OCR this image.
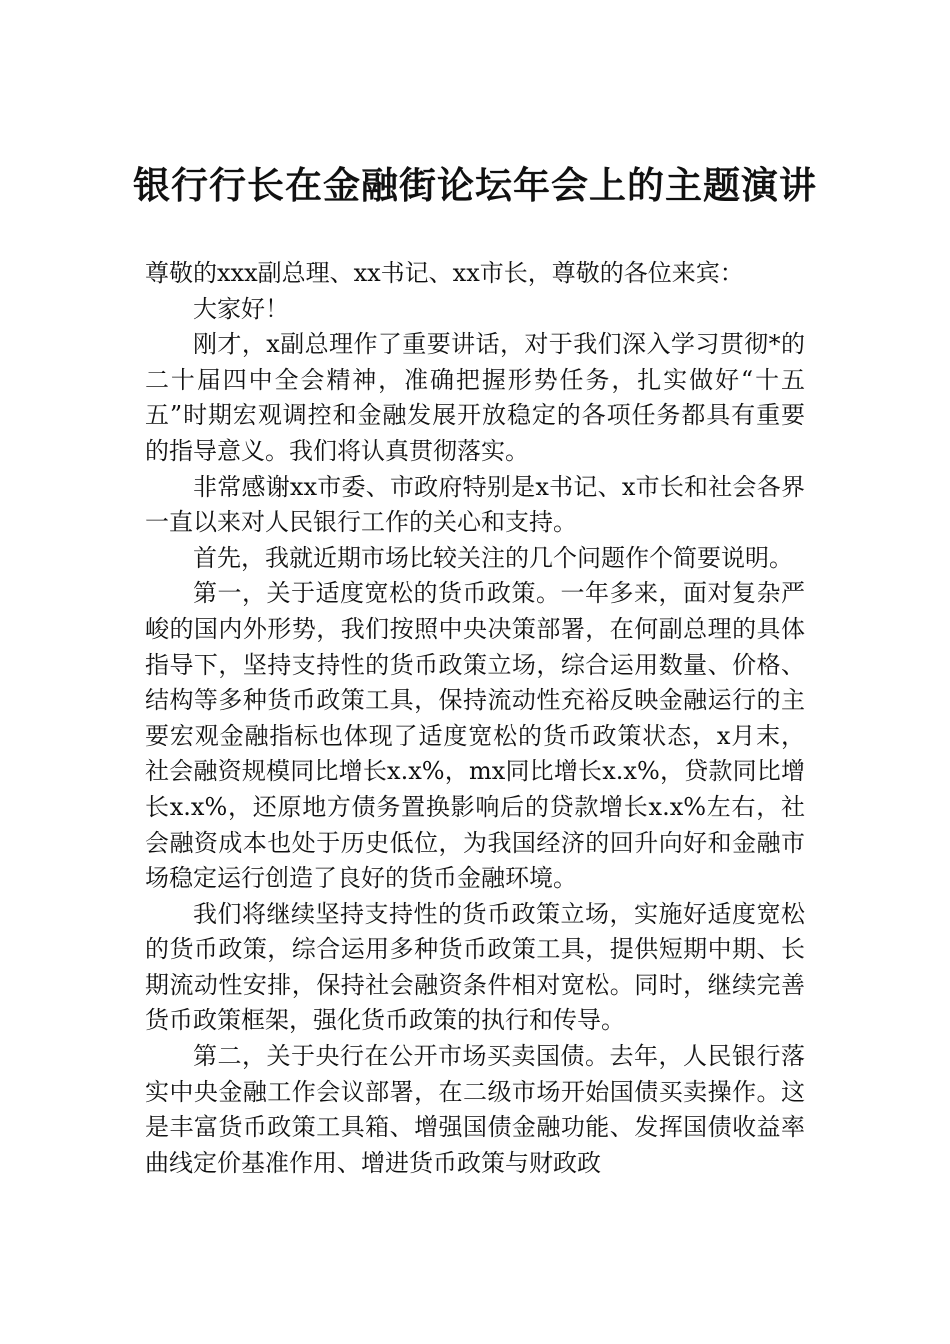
银行行长在金融街论坛年会上的主题演讲

尊敬的xxx副总理、xx书记、xx市长，尊敬的各位来宾：

大家好！

刚才，x副总理作了重要讲话，对于我们深入学习贯彻*的二十届四中全会精神，准确把握形势任务，扎实做好“十五五”时期宏观调控和金融发展开放稳定的各项任务都具有重要的指导意义。我们将认真贯彻落实。

非常感谢xx市委、市政府特别是x书记、x市长和社会各界一直以来对人民银行工作的关心和支持。

首先，我就近期市场比较关注的几个问题作个简要说明。

第一，关于适度宽松的货币政策。一年多来，面对复杂严峻的国内外形势，我们按照中央决策部署，在何副总理的具体指导下，坚持支持性的货币政策立场，综合运用数量、价格、结构等多种货币政策工具，保持流动性充裕反映金融运行的主要宏观金融指标也体现了适度宽松的货币政策状态，x月末，社会融资规模同比增长x.x%，mx同比增长x.x%，贷款同比增长x.x%，还原地方债务置换影响后的贷款增长x.x%左右，社会融资成本也处于历史低位，为我国经济的回升向好和金融市场稳定运行创造了良好的货币金融环境。

我们将继续坚持支持性的货币政策立场，实施好适度宽松的货币政策，综合运用多种货币政策工具，提供短期中期、长期流动性安排，保持社会融资条件相对宽松。同时，继续完善货币政策框架，强化货币政策的执行和传导。

第二，关于央行在公开市场买卖国债。去年，人民银行落实中央金融工作会议部署，在二级市场开始国债买卖操作。这是丰富货币政策工具箱、增强国债金融功能、发挥国债收益率曲线定价基准作用、增进货币政策与财政政
